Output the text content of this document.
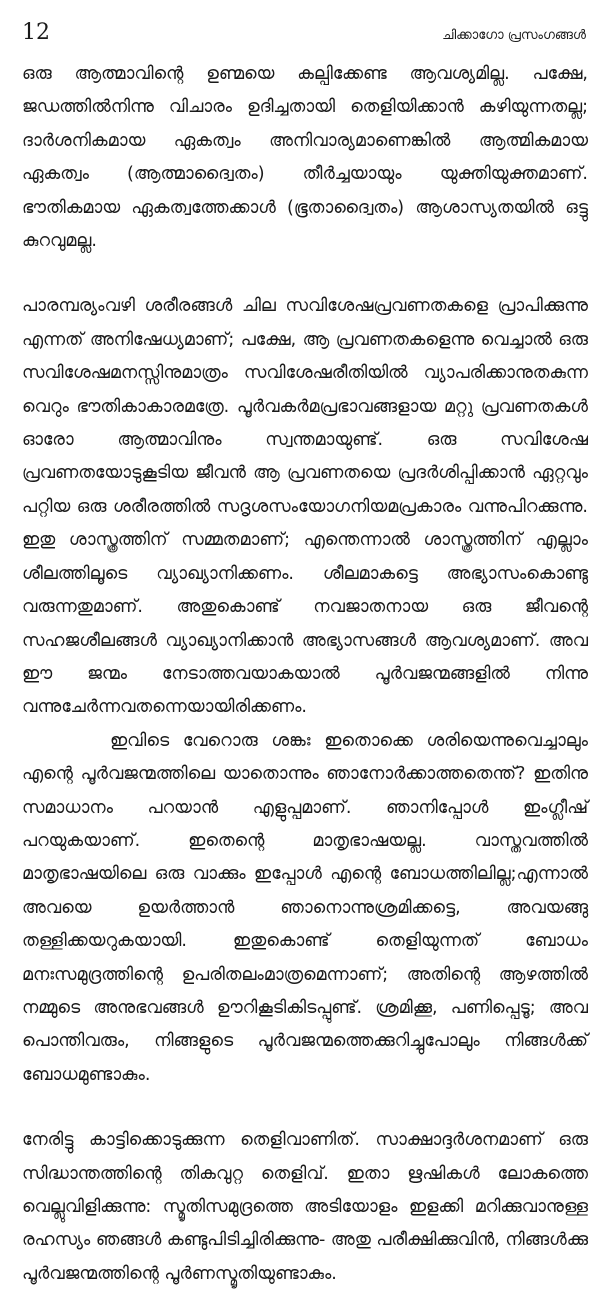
12	ചിക്കാഗോ പ്രസംഗങ്ങൾ

ഒരു ആത്മാവിന്റെ ഉണ്മയെ കല്പിക്കേണ്ട ആവശ്യമില്ല. പക്ഷേ, ജഡത്തിൽനിന്നു വിചാരം ഉദിച്ചതായി തെളിയിക്കാൻ കഴിയുന്നതല്ല; ദാർശനികമായ ഏകത്വം അനിവാര്യമാണെങ്കിൽ ആത്മികമായ ഏകത്വം (ആത്മാദ്വൈതം) തീർച്ചയായും യുക്തിയുക്തമാണ്. ഭൗതികമായ ഏകത്വത്തേക്കാൾ (ഭൂതാദ്വൈതം) ആശാസ്യതയിൽ ഒട്ടു കുറവുമല്ല.

പാരമ്പര്യംവഴി ശരീരങ്ങൾ ചില സവിശേഷപ്രവണതകളെ പ്രാപിക്കുന്നു എന്നത് അനിഷേധ്യമാണ്; പക്ഷേ, ആ പ്രവണതകളെന്നു വെച്ചാൽ ഒരു സവിശേഷമനസ്സിനുമാത്രം സവിശേഷരീതിയിൽ വ്യാപരിക്കാനുതകുന്ന വെറും ഭൗതികാകാരമത്രേ. പൂർവകർമപ്രഭാവങ്ങളായ മറ്റു പ്രവണതകൾ ഓരോ ആത്മാവിനും സ്വന്തമായുണ്ട്. ഒരു സവിശേഷ പ്രവണതയോടുകൂടിയ ജീവൻ ആ പ്രവണതയെ പ്രദർശിപ്പിക്കാൻ ഏറ്റവും പറ്റിയ ഒരു ശരീരത്തിൽ സദൃശസംയോഗനിയമപ്രകാരം വന്നുപിറക്കുന്നു. ഇതു ശാസ്ത്രത്തിന് സമ്മതമാണ്; എന്തെന്നാൽ ശാസ്ത്രത്തിന് എല്ലാം ശീലത്തിലൂടെ വ്യാഖ്യാനിക്കണം. ശീലമാകട്ടെ അഭ്യാസംകൊണ്ടു വരുന്നതുമാണ്. അതുകൊണ്ട് നവജാതനായ ഒരു ജീവന്റെ സഹജശീലങ്ങൾ വ്യാഖ്യാനിക്കാൻ അഭ്യാസങ്ങൾ ആവശ്യമാണ്. അവ ഈ ജന്മം നേടാത്തവയാകയാൽ പൂർവജന്മങ്ങളിൽ നിന്നു വന്നുചേർന്നവതന്നെയായിരിക്കണം.

ഇവിടെ വേറൊരു ശങ്കഃ ഇതൊക്കെ ശരിയെന്നുവെച്ചാലും എന്റെ പൂർവജന്മത്തിലെ യാതൊന്നും ഞാനോർക്കാത്തതെന്ത്? ഇതിനു സമാധാനം പറയാൻ എളുപ്പമാണ്. ഞാനിപ്പോൾ ഇംഗ്ലീഷ് പറയുകയാണ്. ഇതെന്റെ മാതൃഭാഷയല്ല. വാസ്തവത്തിൽ മാതൃഭാഷയിലെ ഒരു വാക്കും ഇപ്പോൾ എന്റെ ബോധത്തിലില്ല;എന്നാൽ അവയെ ഉയർത്താൻ ഞാനൊന്നുശ്രമിക്കട്ടെ, അവയങ്ങു തള്ളിക്കയറുകയായി. ഇതുകൊണ്ട് തെളിയുന്നത് ബോധം മനഃസമുദ്രത്തിന്റെ ഉപരിതലംമാത്രമെന്നാണ്; അതിന്റെ ആഴത്തിൽ നമ്മുടെ അനുഭവങ്ങൾ ഊറികൂടികിടപ്പുണ്ട്. ശ്രമിക്കൂ, പണിപ്പെടൂ; അവ പൊന്തിവരും, നിങ്ങളുടെ പൂർവജന്മത്തെക്കുറിച്ചുപോലും നിങ്ങൾക്ക് ബോധമുണ്ടാകും.

നേരിട്ടു കാട്ടിക്കൊടുക്കുന്ന തെളിവാണിത്. സാക്ഷാദ്ദർശനമാണ് ഒരു സിദ്ധാന്തത്തിന്റെ തികവുറ്റ തെളിവ്. ഇതാ ഋഷികൾ ലോകത്തെ വെല്ലുവിളിക്കുന്നു: സ്മൃതിസമുദ്രത്തെ അടിയോളം ഇളക്കി മറിക്കുവാനുള്ള രഹസ്യം ഞങ്ങൾ കണ്ടുപിടിച്ചിരിക്കുന്നു- അതു പരീക്ഷിക്കുവിൻ, നിങ്ങൾക്കു പൂർവജന്മത്തിന്റെ പൂർണസ്മൃതിയുണ്ടാകും.
